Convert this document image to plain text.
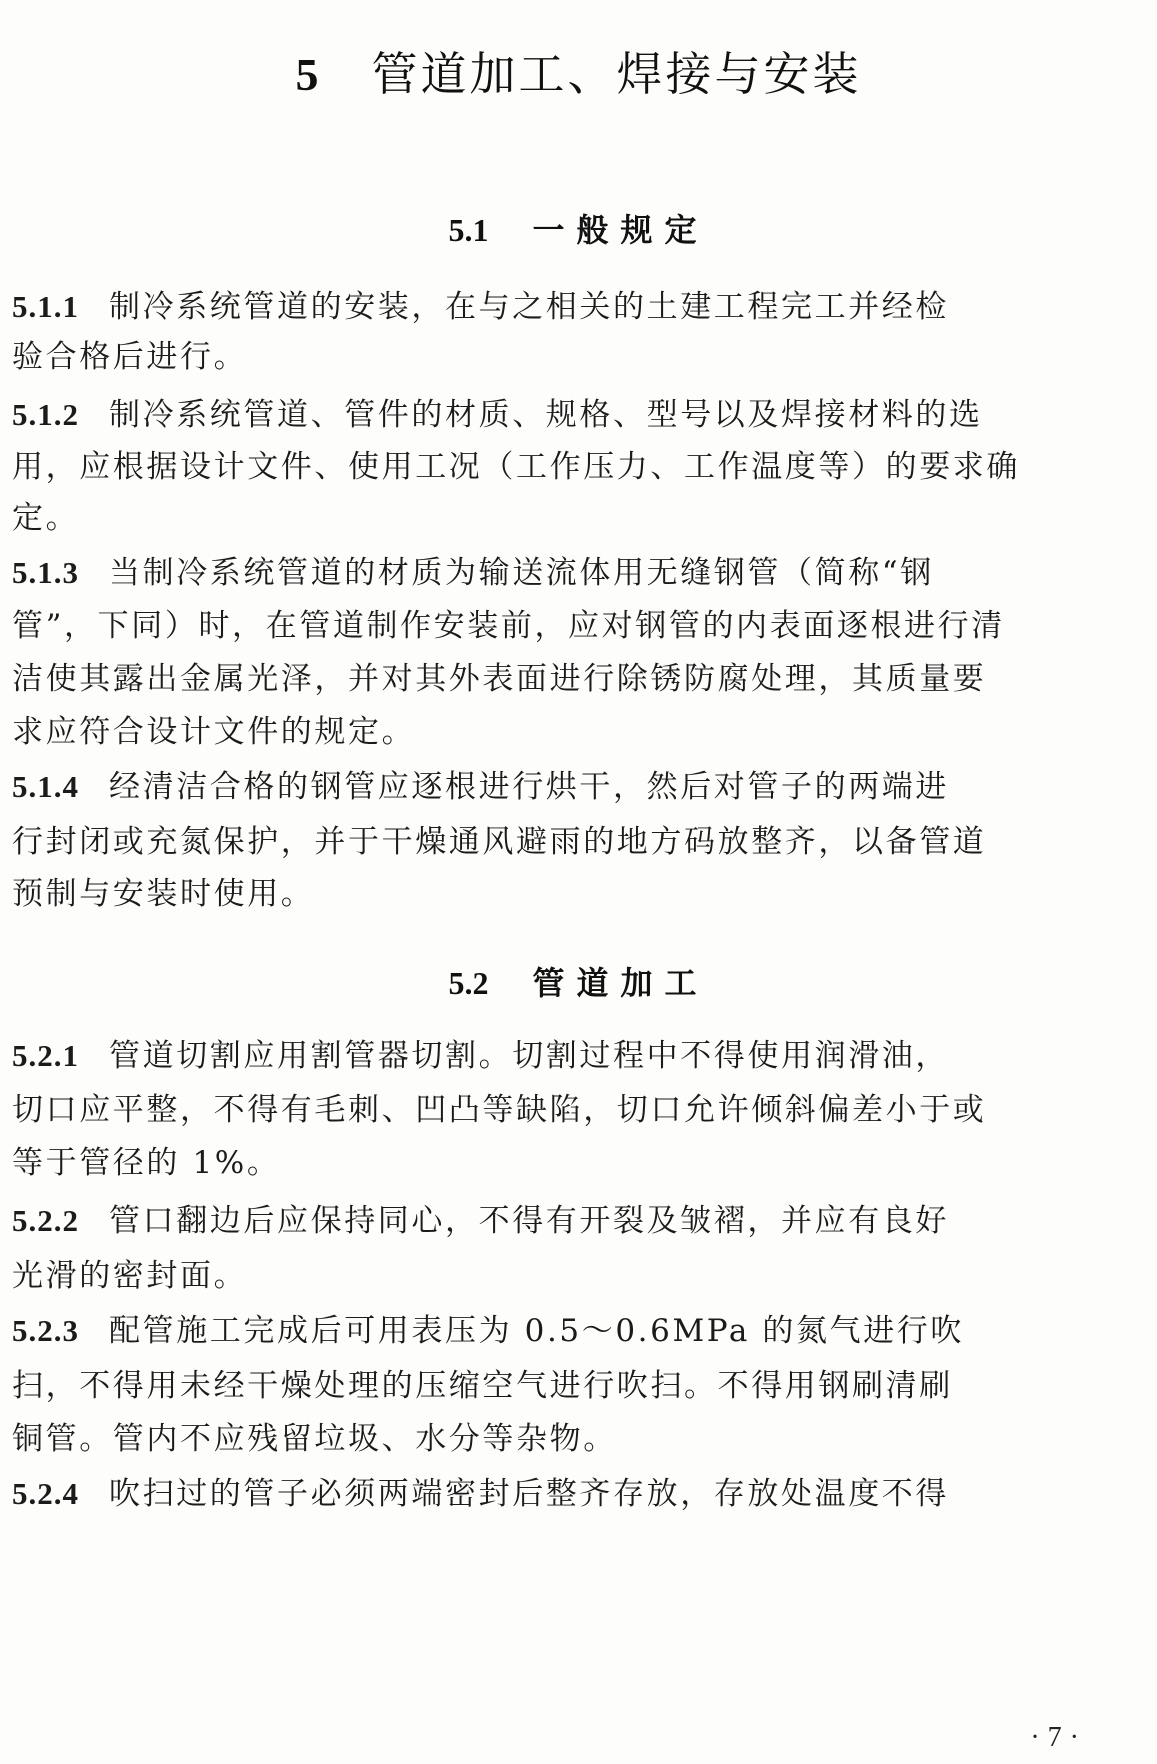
5 管道加工、焊接与安装
5.1 一般规定
5.1.1 制冷系统管道的安装，在与之相关的土建工程完工并经检
验合格后进行。
5.1.2 制冷系统管道、管件的材质、规格、型号以及焊接材料的选
用，应根据设计文件、使用工况（工作压力、工作温度等）的要求确
定。
5.1.3 当制冷系统管道的材质为输送流体用无缝钢管（简称“钢
管”，下同）时，在管道制作安装前，应对钢管的内表面逐根进行清
洁使其露出金属光泽，并对其外表面进行除锈防腐处理，其质量要
求应符合设计文件的规定。
5.1.4 经清洁合格的钢管应逐根进行烘干，然后对管子的两端进
行封闭或充氮保护，并于干燥通风避雨的地方码放整齐，以备管道
预制与安装时使用。
5.2 管道加工
5.2.1 管道切割应用割管器切割。切割过程中不得使用润滑油，
切口应平整，不得有毛刺、凹凸等缺陷，切口允许倾斜偏差小于或
等于管径的 1%。
5.2.2 管口翻边后应保持同心，不得有开裂及皱褶，并应有良好
光滑的密封面。
5.2.3 配管施工完成后可用表压为 0.5～0.6MPa 的氮气进行吹
扫，不得用未经干燥处理的压缩空气进行吹扫。不得用钢刷清刷
铜管。管内不应残留垃圾、水分等杂物。
5.2.4 吹扫过的管子必须两端密封后整齐存放，存放处温度不得
·7·
